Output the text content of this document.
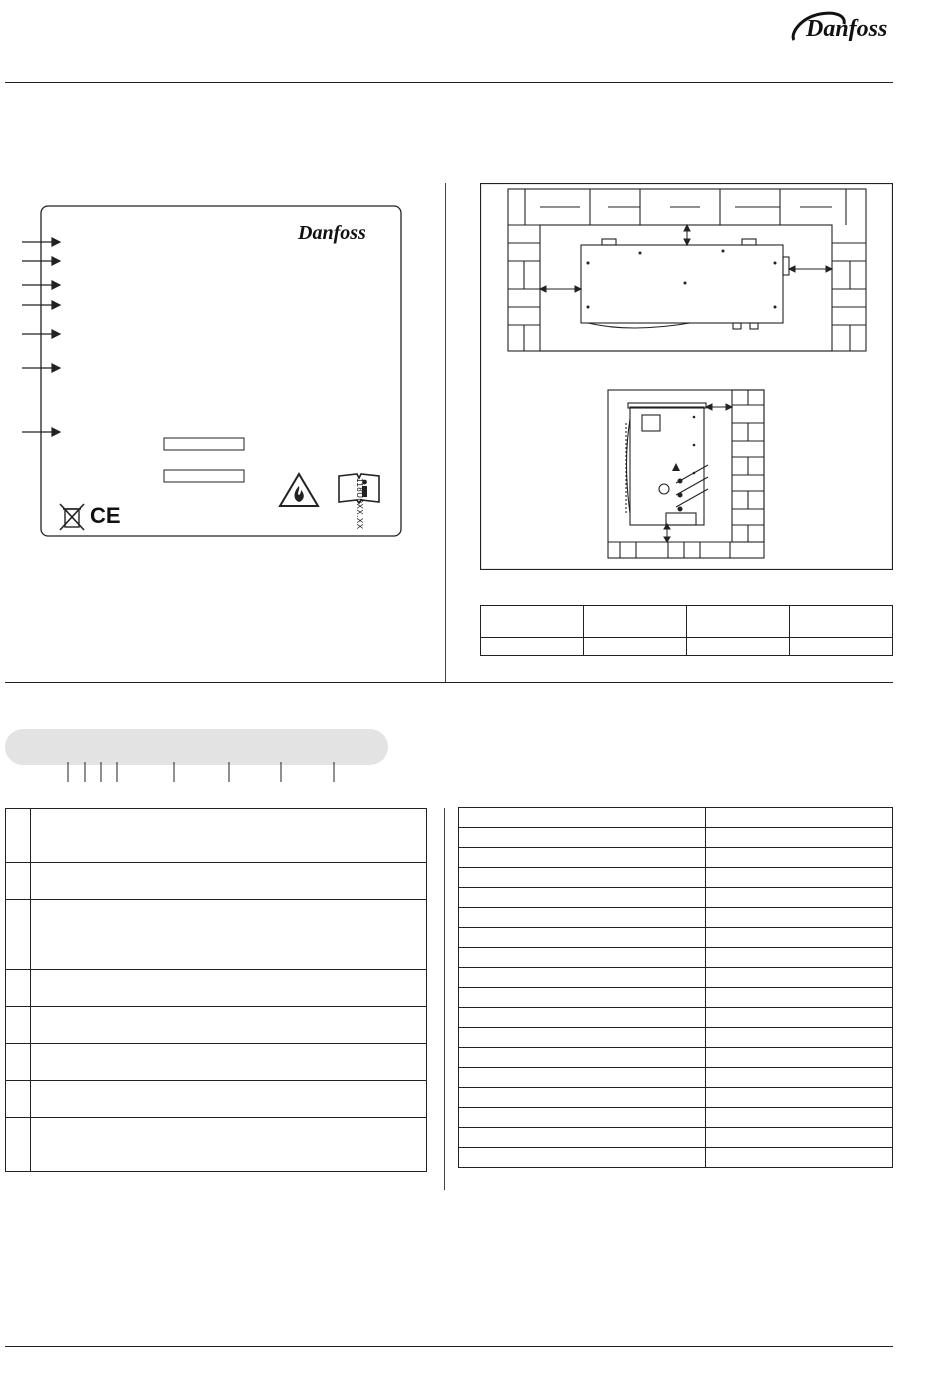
Danfoss
Danfoss
CE	118U0XX.XX
